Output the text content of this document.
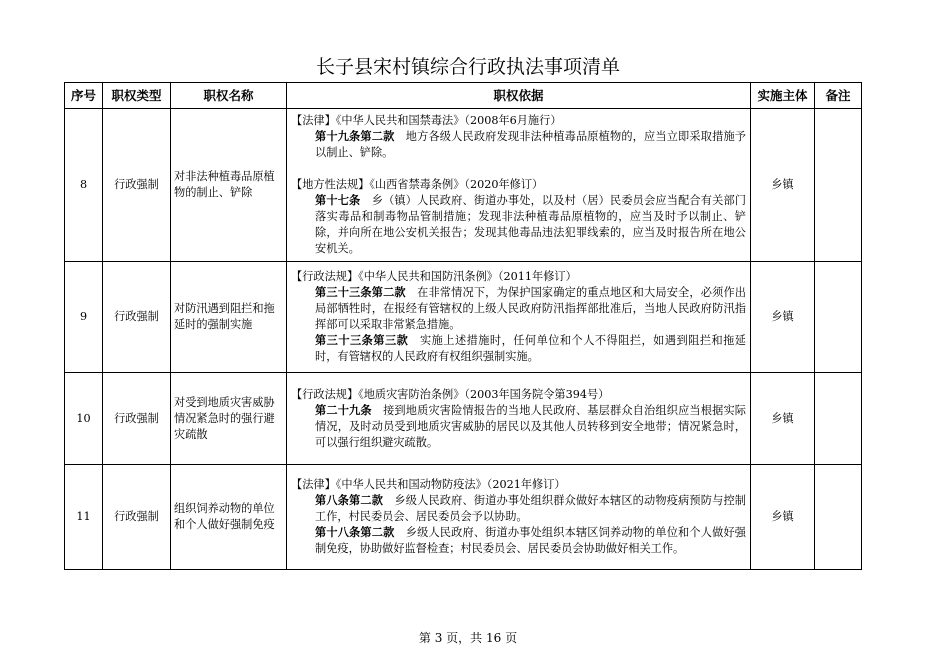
长子县宋村镇综合行政执法事项清单
序号	职权类型	职权名称	职权依据	实施主体	备注
8	行政强制	对非法种植毒品原植物的制止、铲除	【法律】《中华人民共和国禁毒法》（2008年6月施行）

第十九条第二款　地方各级人民政府发现非法种植毒品原植物的，应当立即采取措施予以制止、铲除。

【地方性法规】《山西省禁毒条例》（2020年修订）

第十七条　乡（镇）人民政府、街道办事处，以及村（居）民委员会应当配合有关部门落实毒品和制毒物品管制措施；发现非法种植毒品原植物的，应当及时予以制止、铲除，并向所在地公安机关报告；发现其他毒品违法犯罪线索的，应当及时报告所在地公安机关。	乡镇	
9	行政强制	对防汛遇到阻拦和拖延时的强制实施	【行政法规】《中华人民共和国防汛条例》（2011年修订）

第三十三条第二款　在非常情况下，为保护国家确定的重点地区和大局安全，必须作出局部牺牲时，在报经有管辖权的上级人民政府防汛指挥部批准后，当地人民政府防汛指挥部可以采取非常紧急措施。

第三十三条第三款　实施上述措施时，任何单位和个人不得阻拦，如遇到阻拦和拖延时，有管辖权的人民政府有权组织强制实施。	乡镇	
10	行政强制	对受到地质灾害威胁情况紧急时的强行避灾疏散	【行政法规】《地质灾害防治条例》（2003年国务院令第394号）

第二十九条　接到地质灾害险情报告的当地人民政府、基层群众自治组织应当根据实际情况，及时动员受到地质灾害威胁的居民以及其他人员转移到安全地带；情况紧急时，可以强行组织避灾疏散。	乡镇	
11	行政强制	组织饲养动物的单位和个人做好强制免疫	【法律】《中华人民共和国动物防疫法》（2021年修订）

第八条第二款　乡级人民政府、街道办事处组织群众做好本辖区的动物疫病预防与控制工作，村民委员会、居民委员会予以协助。

第十八条第二款　乡级人民政府、街道办事处组织本辖区饲养动物的单位和个人做好强制免疫，协助做好监督检查；村民委员会、居民委员会协助做好相关工作。	乡镇	
第 3 页，共 16 页
